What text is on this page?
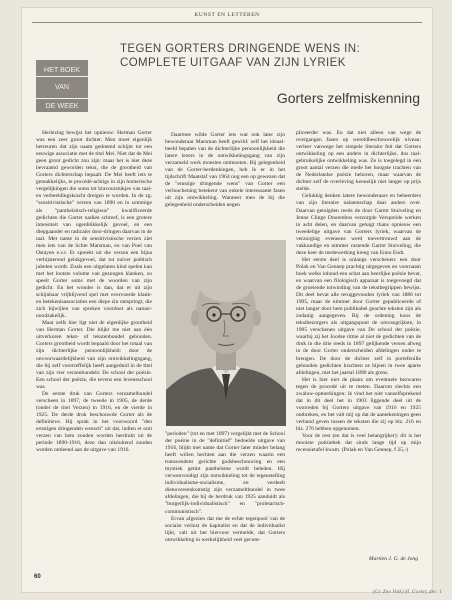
KUNST EN LETTEREN
HET BOEK
VAN
DE WEEK
TEGEN GORTERS DRINGENDE WENS IN: COMPLETE UITGAAF VAN ZIJN LYRIEK
Gorters zelfmiskenning

Herlezing bewijst het opnieuw: Herman Gorter was een zeer groot dichter. Men moet eigenlijk betreuren dat zijn naam gedoemd schijnt tot een eeuwige associatie met de titel Mei. Niet dat de Mei geen groot gedicht zou zijn: maar het is niet deze bevraamd geworden tekst, die de grootheid van Gorters dichterschap bepaalt. De Mei heeft iets te gemakkelijks, te procédé-achtigs in zijn homerische vergelijkingen die soms tot bravourstukjes van taal- en verbeeldingskracht dreigen te worden. In de zg. "sensitivistische" verzen van 1890 en in sommige als "pantheïstisch-religieus" kwalificeerde gedichten die Gorter nadien schreef, is een grotere intensiteit van ogenblikkelijk gevoel, en een diepgaander en radicaler door-dringen daarvan in de taal. Met name in de sensitivistische verzen ziet men iets van de lichte Marsman, en van Poel van Ostayen e.v.t. Er spreekt uit die verzen een bijna verbijsterend gelukgevoel, dat tot zuiver poëtisch jubelen wordt. Zoals een uitgelaten kind spelen kan met het lootste volume van gezongen klanken, zo speelt Gorter soms met de woorden van zijn gedicht. En het wonder is dan, dat er uit zijn schijnbaar vrijblijvend spel met overvoerde klank- en betekenisassociaties een diepe zin ontspringt, die zich bijwijlen van spreken voordoet als natuur-noodzakelijk.

Maar zelfs hier ligt niet de eigenlijke grootheid van Herman Gorter. Die blijkt me niet aan één uitverkoren tekst- of tekstenbondel gebonden. Gorters grootheid wordt bepaald door het totaal van zijn dichterlijke persoonlijkheid: door de onvoorwaardelijkheid van zijn ontwikkelingsgang, die hij zelf voortreffelijk heeft aangeduid in de titel van zijn vier verzenbundels: De school der poëzie. Een school der poëzie, die tevens een levensschool was.

De eerste druk van Gorters verzamelbundel verscheen in 1897, de tweede in 1905, de derde (onder de titel Verzen) in 1916, en de vierde in 1925. De derde druk beschouwde Gorter als de definitieve. Hij sprak in het voorwoord "den ernstigen dringenden wensch" uit dat, indien er ooit verzen van hem zouden worden herdrukt uit de periode 1890-1916, deze dan uitsluitend zouden worden ontleend aan de uitgave van 1916.

Daarmee wilde Gorter iets wat ook later zijn bewonderaar Marsman heeft gewild: zelf het ideaal-beeld bepalen van de dichterlijke persoonlijkheid die latere lezers in de ontwikkelingsgang van zijn verzameld werk moesten ontmoeten. Bij gelegenheid van de Gorter-herdenkingen, heb ik er in het tijdschrift Maatstaf van 1964 nog een op gewezen dat de "ernstige dringende wens" van Gorter een verloochening betekent van enkele interessante fasen uit zijn ontwikkeling. Wanneer men de bij die gelegenheid onderscheiden negen

"perioden" (tot en met 1897) vergelijkt met de Schooi der poëzie in de "definitief" bedoelde uitgave van 1916, blijkt met name dat Gorter later minder belang heeft willen hechten aan die verzen waarin een transcendent gerichte godsbeschouwing en een mystiek getint pantheïsme wordt beleden. Hij verwenvoudigt zijn ontwikkeling tot de tegenstelling individualisme-socialisme, en verdeelt dienovereenkomstig zijn verzameltbundel in twee afdelingen, die bij de herdruk van 1925 aanduidt als "burgerlijk-individualistisch" en "proletarisch-communistisch".

Ervan afgezien dat me de echte tegenpool van de sociaist verlost de kapitalist en dat de individualist lijkt, valt uit het hiervoor vermelde, dat Gorters ontwikkeling in werkelijkheid veel gecom-

pliceerder was. En dat niet alleen van wege de overgangen fasen op wereldbeschouwelijk niveau: verleer vanwege het simpele literaire feit dat Gorters ontwikkeling op een anders in dichterlijke, dus taal-gebruikelijke ontwikkeling was. Ze is toegelegd in een groot aantal verzen die mede het hoogste trachten van de Nederlandse poëzie behoren, maar waarvan de dichter zelf de overleving kennelijk niet langer op prijs stelde.

Gelukkig denken latere bewonderaars en beheerders van zijn literaire nalatenschap daar anders over. Daarvan getuigden reeds de door Garmt Stuiveling en Jenne Clinge Doorenbos verzorgde Verspreide werken in acht delen, en daarvan getuigt thans opnieuw een tweedelige uitgave van Gorters lyriek, waarvan de verzorging eveneens werd toevertrouwd aan de vakkundige en nimmer rustende Garmt Stuiveling, die deze keer de medewerking kreeg van Enno Endt.

Het eerste deel is onlangs verschenen: een door Polak en Van Gennep prachtig uitgegeven en voornaam boek welks inhoud een schat aan heerlijke poëzie bevat, en waarvan een filologisch apparaat is toegevoegd dat de groeiende totwinding van de tekstbegrippen bewijst. Dit deel bevat alle teruggevonden lyriek van 1886 tot 1905, maar de nimmer door Gorter gepubliceerde of niet langer door hem publikabel geachte teksten zijn als zodanig aangegeven. Bij de ordening koos de tekstbezorgers als uitgangspunt de omvangrijkste, in 1905 verschenen uitgave van De school der poëzie, waarbij zij het Joodse ritme al niet de gedichten van de druk in die drie reeds in 1897 gelijkende versen afweg in de door Gorter onderscheiden afdelingen onder te brengen. De door de dichter zelf in portefeuille gehouden gedichten hrachten ze bijeen in twee aparte afdelingen, met het jaartal 1890 als grens.

Het is hier niet de plaats om eventuele bezwaren tegen de procedé uit te meten. Daarom slechts een zwaluw-opmerkingen: ik vind het niet vanzelfsprekend dat in dit deel het in 1903 liggende deel uit de voorreden bij Gorters uitgave van 1916 en 1925 ontbreken, en het valt mij op dat de aantekeningen geen verband geven tussen de teksten die zij op blz. 216 en blz. 276 hebben opgenomen.

Voor de rest (en dat is veel belangrijker): dit is het mooiste poëziebek dat sinds lange tijd op mijn recensietafel kwam. (Polak en Van Gennep, f 25,-)

Martien J. G. de Jong
60
(Gr. Zeo Volk) H. Gorter, dec. 1
